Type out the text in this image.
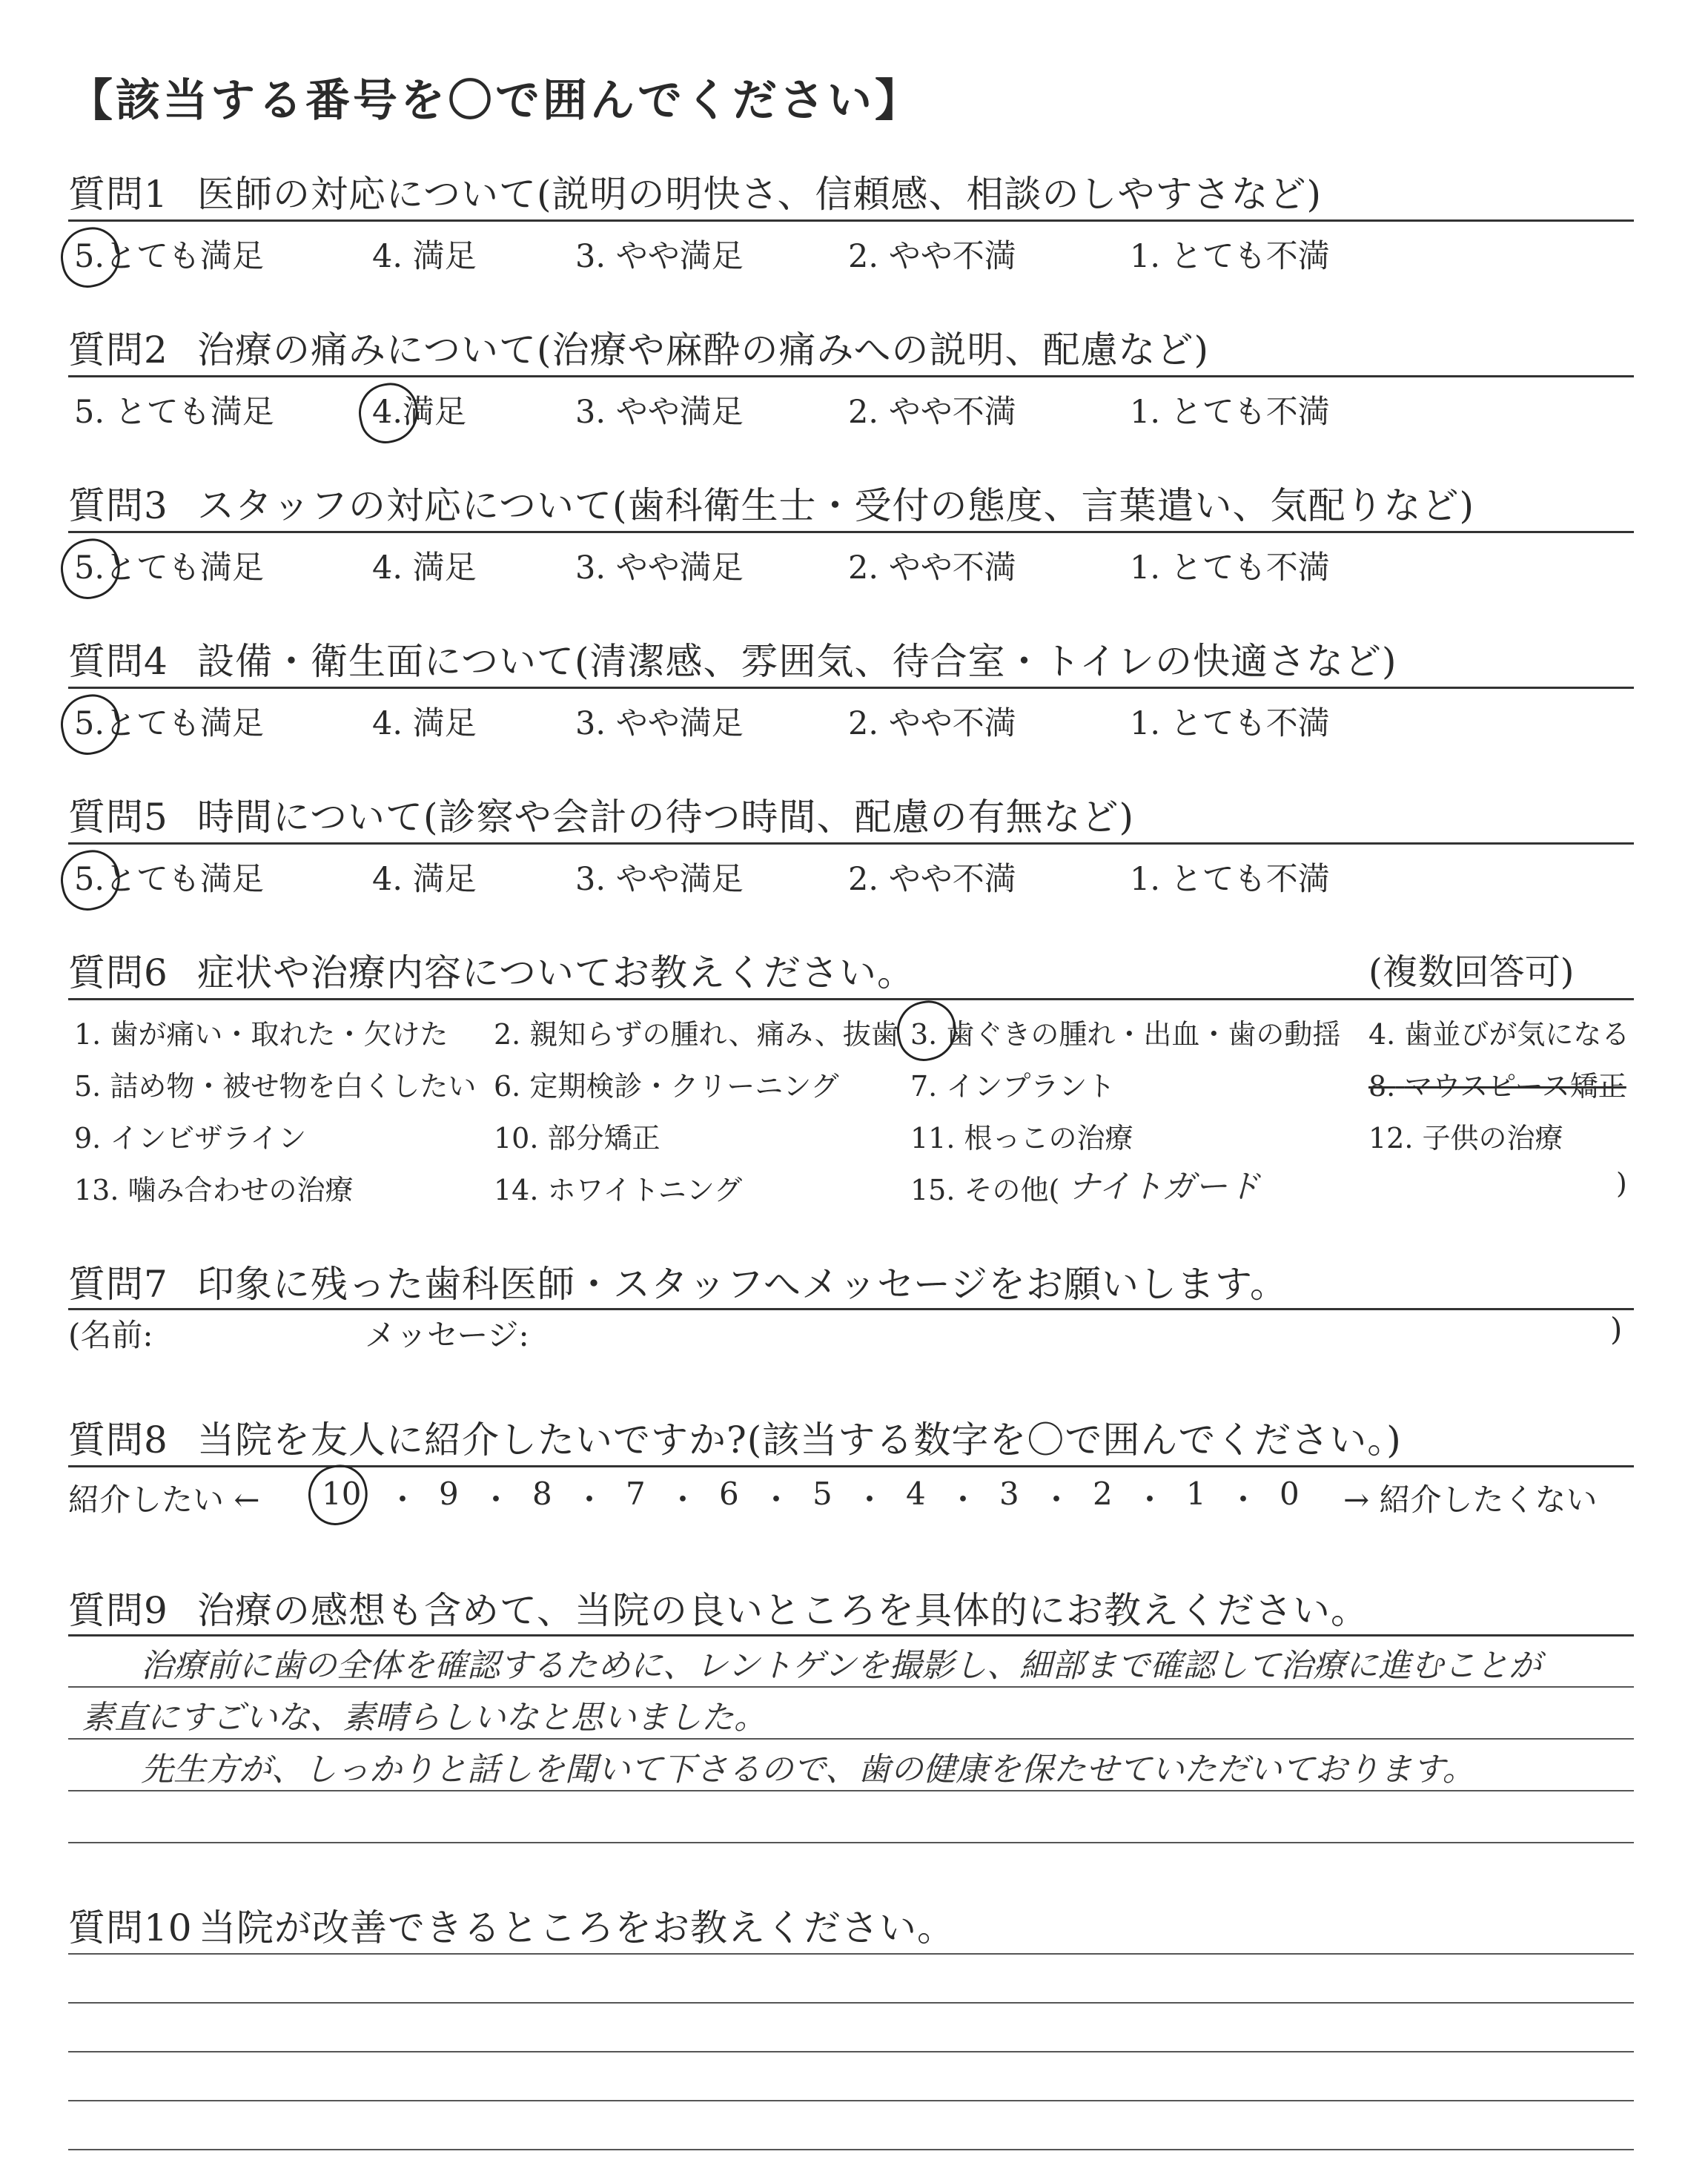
【該当する番号を〇で囲んでください】
質問1 医師の対応について(説明の明快さ、信頼感、相談のしやすさなど)
5.とても満足	4. 満足	3. やや満足	2. やや不満	1. とても不満
質問2 治療の痛みについて(治療や麻酔の痛みへの説明、配慮など)
5. とても満足	4.満足	3. やや満足	2. やや不満	1. とても不満
質問3 スタッフの対応について(歯科衛生士・受付の態度、言葉遣い、気配りなど)
5.とても満足	4. 満足	3. やや満足	2. やや不満	1. とても不満
質問4 設備・衛生面について(清潔感、雰囲気、待合室・トイレの快適さなど)
5.とても満足	4. 満足	3. やや満足	2. やや不満	1. とても不満
質問5 時間について(診察や会計の待つ時間、配慮の有無など)
5.とても満足	4. 満足	3. やや満足	2. やや不満	1. とても不満
質問6 症状や治療内容についてお教えください。	(複数回答可)
1. 歯が痛い・取れた・欠けた 2. 親知らずの腫れ、痛み、抜歯 3. 歯ぐきの腫れ・出血・歯の動揺 4. 歯並びが気になる
5. 詰め物・被せ物を白くしたい 6. 定期検診・クリーニング	7. インプラント	8. マウスピース矯正
9. インビザライン	10. 部分矯正	11. 根っこの治療	12. 子供の治療
13. 噛み合わせの治療	14. ホワイトニング	15. その他( ナイトガード	)
質問7 印象に残った歯科医師・スタッフへメッセージをお願いします。
(名前:	メッセージ:	)
質問8 当院を友人に紹介したいですか?(該当する数字を〇で囲んでください。)
紹介したい ← 10 ・ 9 ・ 8 ・ 7 ・ 6 ・ 5 ・ 4 ・ 3 ・ 2 ・ 1 ・ 0 → 紹介したくない
質問9 治療の感想も含めて、当院の良いところを具体的にお教えください。
治療前に歯の全体を確認するために、レントゲンを撮影し、細部まで確認して治療に進むことが
素直にすごいな、素晴らしいなと思いました。
先生方が、しっかりと話しを聞いて下さるので、歯の健康を保たせていただいております。
質問10 当院が改善できるところをお教えください。
